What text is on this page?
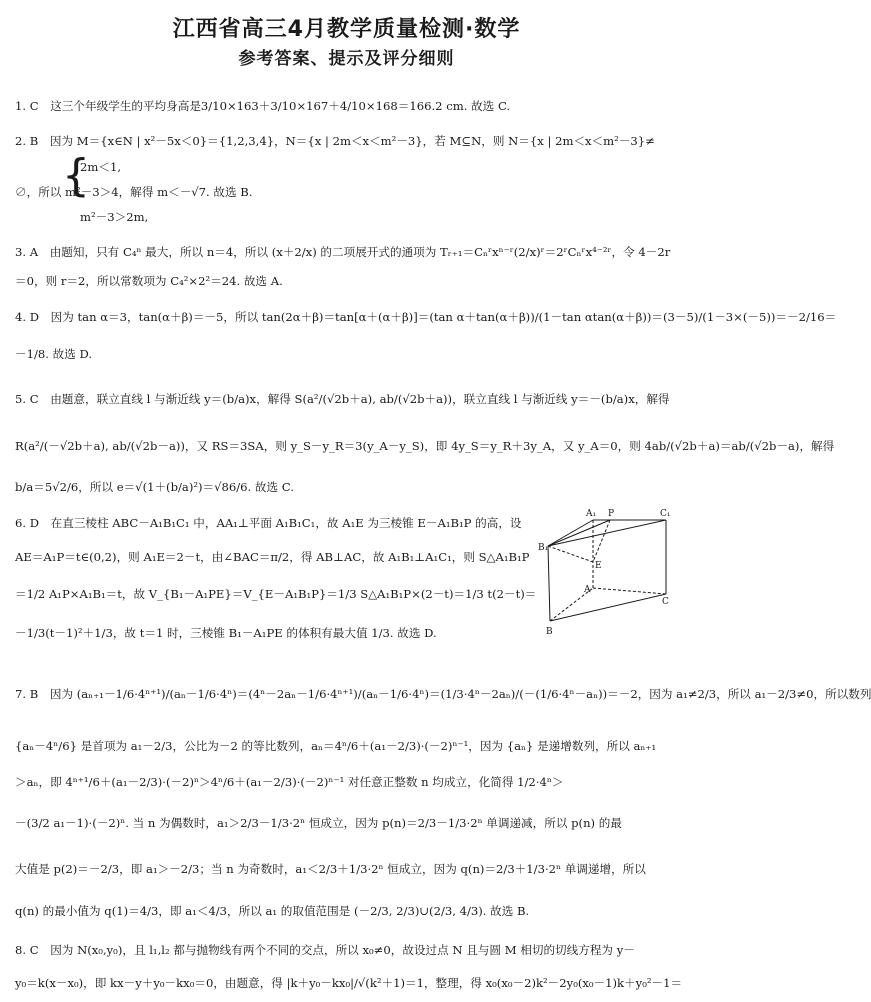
江西省高三4月教学质量检测·数学
参考答案、提示及评分细则
1. C　这三个年级学生的平均身高是3/10×163＋3/10×167＋4/10×168＝166.2 cm. 故选 C.
2. B　因为 M＝{x∈N | x²－5x＜0}＝{1,2,3,4}，N＝{x | 2m＜x＜m²－3}，若 M⊆N，则 N＝{x | 2m＜x＜m²－3}≠
{
2m＜1,
∅，所以 m²－3＞4，解得 m＜－√7. 故选 B.
m²－3＞2m,
3. A　由题知，只有 C₄ⁿ 最大，所以 n＝4，所以 (x＋2/x) 的二项展开式的通项为 Tᵣ₊₁＝Cₙʳxⁿ⁻ʳ(2/x)ʳ＝2ʳCₙʳx⁴⁻²ʳ，令 4－2r
＝0，则 r＝2，所以常数项为 C₄²×2²＝24. 故选 A.
4. D　因为 tan α＝3，tan(α＋β)＝－5，所以 tan(2α＋β)＝tan[α＋(α＋β)]＝(tan α＋tan(α＋β))/(1－tan αtan(α＋β))＝(3－5)/(1－3×(－5))＝－2/16＝
－1/8. 故选 D.
5. C　由题意，联立直线 l 与渐近线 y＝(b/a)x，解得 S(a²/(√2b＋a), ab/(√2b＋a))，联立直线 l 与渐近线 y＝－(b/a)x，解得
R(a²/(－√2b＋a), ab/(√2b－a))，又 RS＝3SA，则 y_S－y_R＝3(y_A－y_S)，即 4y_S＝y_R＋3y_A，又 y_A＝0，则 4ab/(√2b＋a)＝ab/(√2b－a)，解得
b/a＝5√2/6，所以 e＝√(1＋(b/a)²)＝√86/6. 故选 C.
6. D　在直三棱柱 ABC－A₁B₁C₁ 中，AA₁⊥平面 A₁B₁C₁，故 A₁E 为三棱锥 E－A₁B₁P 的高，设
AE＝A₁P＝t∈(0,2)，则 A₁E＝2－t，由∠BAC＝π/2，得 AB⊥AC，故 A₁B₁⊥A₁C₁，则 S△A₁B₁P
＝1/2 A₁P×A₁B₁＝t，故 V_{B₁－A₁PE}＝V_{E－A₁B₁P}＝1/3 S△A₁B₁P×(2－t)＝1/3 t(2－t)＝
－1/3(t－1)²＋1/3，故 t＝1 时，三棱锥 B₁－A₁PE 的体积有最大值 1/3. 故选 D.
A₁ P	C₁
B₁
E
A
C
B
7. B　因为 (aₙ₊₁－1/6·4ⁿ⁺¹)/(aₙ－1/6·4ⁿ)＝(4ⁿ－2aₙ－1/6·4ⁿ⁺¹)/(aₙ－1/6·4ⁿ)＝(1/3·4ⁿ－2aₙ)/(－(1/6·4ⁿ－aₙ))＝－2，因为 a₁≠2/3，所以 a₁－2/3≠0，所以数列
{aₙ－4ⁿ/6} 是首项为 a₁－2/3，公比为－2 的等比数列，aₙ＝4ⁿ/6＋(a₁－2/3)·(－2)ⁿ⁻¹，因为 {aₙ} 是递增数列，所以 aₙ₊₁
＞aₙ，即 4ⁿ⁺¹/6＋(a₁－2/3)·(－2)ⁿ＞4ⁿ/6＋(a₁－2/3)·(－2)ⁿ⁻¹ 对任意正整数 n 均成立，化简得 1/2·4ⁿ＞
－(3/2 a₁－1)·(－2)ⁿ. 当 n 为偶数时，a₁＞2/3－1/3·2ⁿ 恒成立，因为 p(n)＝2/3－1/3·2ⁿ 单调递减，所以 p(n) 的最
大值是 p(2)＝－2/3，即 a₁＞－2/3；当 n 为奇数时，a₁＜2/3＋1/3·2ⁿ 恒成立，因为 q(n)＝2/3＋1/3·2ⁿ 单调递增，所以
q(n) 的最小值为 q(1)＝4/3，即 a₁＜4/3，所以 a₁ 的取值范围是 (－2/3, 2/3)∪(2/3, 4/3). 故选 B.
8. C　因为 N(x₀,y₀)，且 l₁,l₂ 都与抛物线有两个不同的交点，所以 x₀≠0，故设过点 N 且与圆 M 相切的切线方程为 y－
y₀＝k(x－x₀)，即 kx－y＋y₀－kx₀＝0，由题意，得 |k＋y₀－kx₀|/√(k²＋1)＝1，整理，得 x₀(x₀－2)k²－2y₀(x₀－1)k＋y₀²－1＝
